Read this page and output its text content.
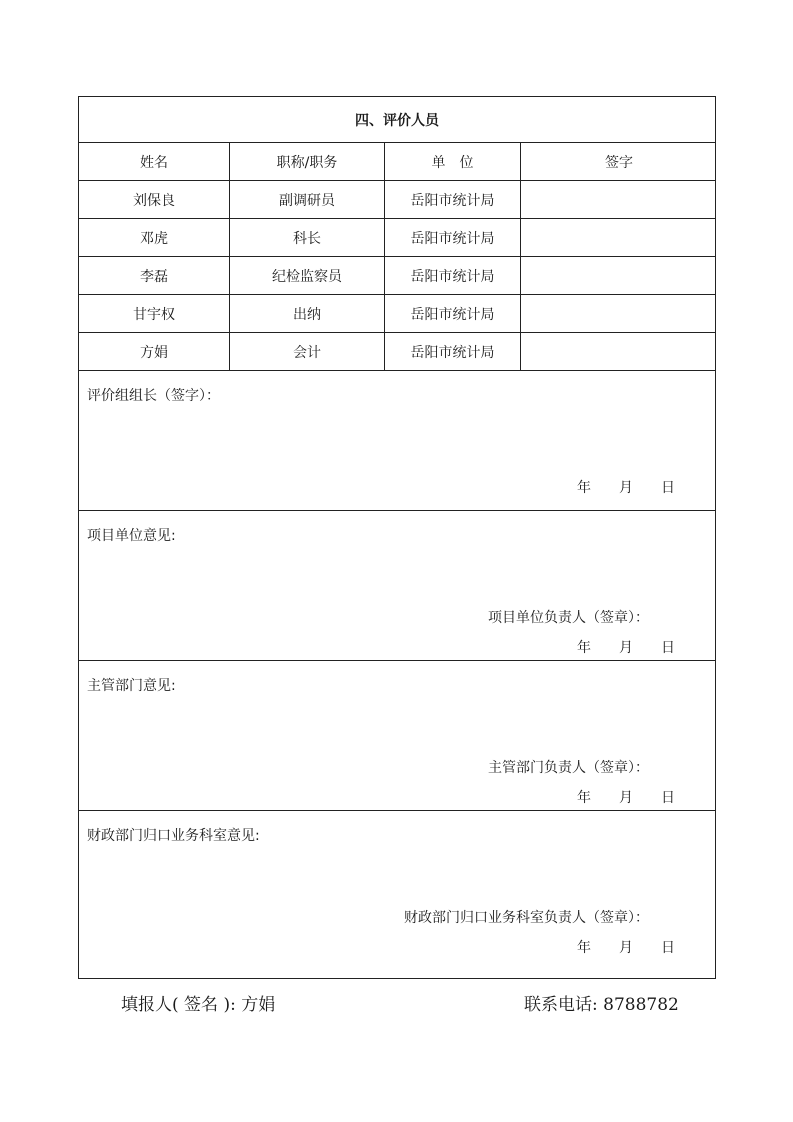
四、评价人员
姓名	职称/职务	单　位	签字
刘保良	副调研员	岳阳市统计局
邓虎	科长	岳阳市统计局
李磊	纪检监察员	岳阳市统计局
甘宇权	出纳	岳阳市统计局
方娟	会计	岳阳市统计局
评价组组长（签字）：
年 月 日
项目单位意见:
项目单位负责人（签章）：
年 月 日
主管部门意见:
主管部门负责人（签章）：
年 月 日
财政部门归口业务科室意见:
财政部门归口业务科室负责人（签章）：
年 月 日
填报人( 签名 ): 方娟	联系电话: 8788782
